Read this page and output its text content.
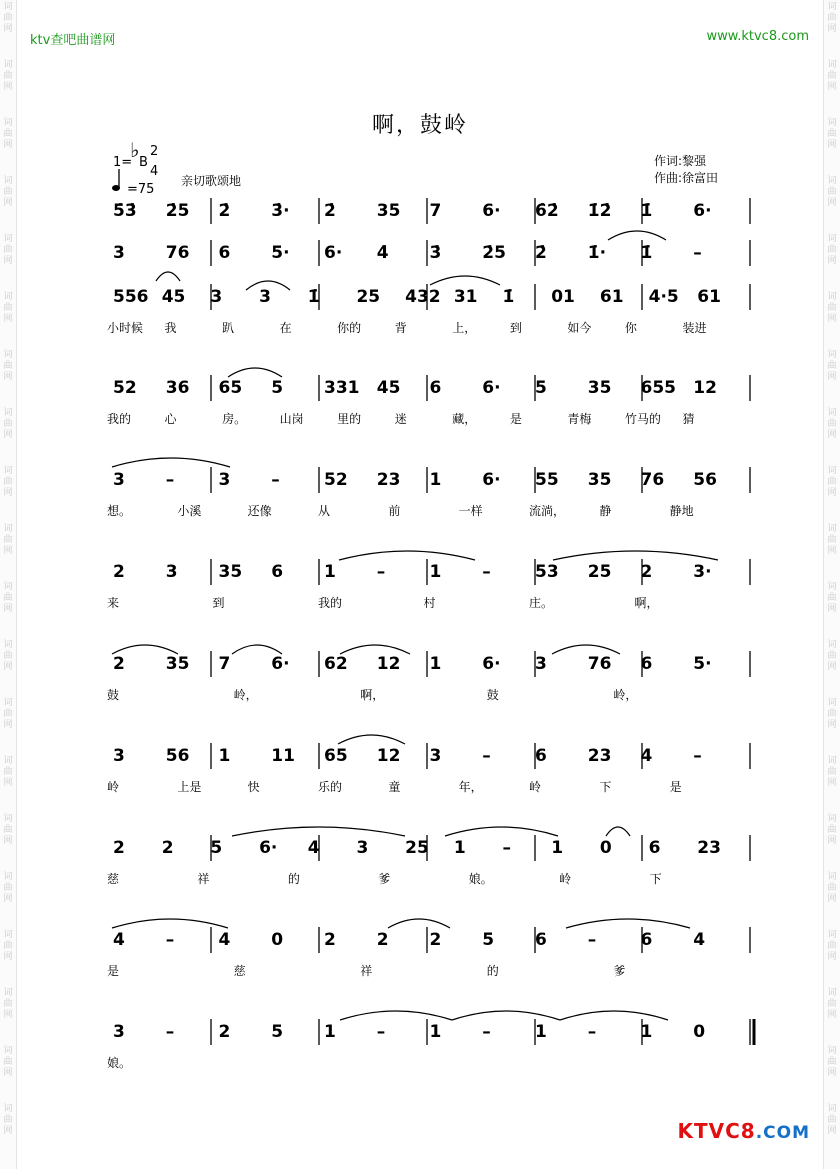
ktv查吧曲谱网	www.ktvc8.com
啊，鼓岭
1=
♭
B
2
4
=75
亲切歌颂地
作词:黎强
作曲:徐富田
5̇3̇ 2̇5 2̇ 3̇· 2̇ 35 7 6· 6̇2̇ 1̇2̇ 1̇ 6·
3 76 6 5· 6· 4̇ 3̇ 2̇5 2̇ 1̇· 1̇ –
556 45 3 3 1̇ 25 432 31 1̇ 01 61 4·5 61
小时候 我	趴	在	你的	背	上，	到	如今	你	装进
52 36 65 5 331 45 6 6· 5 35 655 12
我的	心	房。	山岗	里的	迷	藏，	是	青梅	竹马的 猜
3 –	3 –	52 23 1 6· 55 35 76 56
想。	小溪	还像	从	前	一样	流淌，	静	静地
2 3 35 6 1 –	1 –	53 25 2 3·
来	到	我的	村	庄。	啊，
2 35 7 6· 62 12 1 6· 3 76 6 5·
鼓	岭，	啊，	鼓	岭，
3 56 1 11 65 12 3 –	6 23 4 –
岭	上是	快	乐的	童	年，	岭	下	是
2 2 5 6· 4 3 25 1 – 1 0 6 23
慈	祥	的	爹	娘。	岭	下
4 –	4 0 2 2 2 5 6 –	6 4
是	慈	祥	的	爹
3 –	2 5 1 –	1 –	1 –	1 0
娘。
KTVC8.COM
词
曲
网
词
曲
网
词
曲
网
词
曲
网
词
曲
网
词
曲
网
词
曲
网
词
曲
网
词
曲
网
词
曲
网
词
曲
网
词
曲
网
词
曲
网
词
曲
网
词
曲
网
词
曲
网
词
曲
网
词
曲
网
词
曲
网
词
曲
网
词
曲
网
词
曲
网
词
曲
网
词
曲
网
词
曲
网
词
曲
网
词
曲
网
词
曲
网
词
曲
网
词
曲
网
词
曲
网
词
曲
网
词
曲
网
词
曲
网
词
曲
网
词
曲
网
词
曲
网
词
曲
网
词
曲
网
词
曲
网
